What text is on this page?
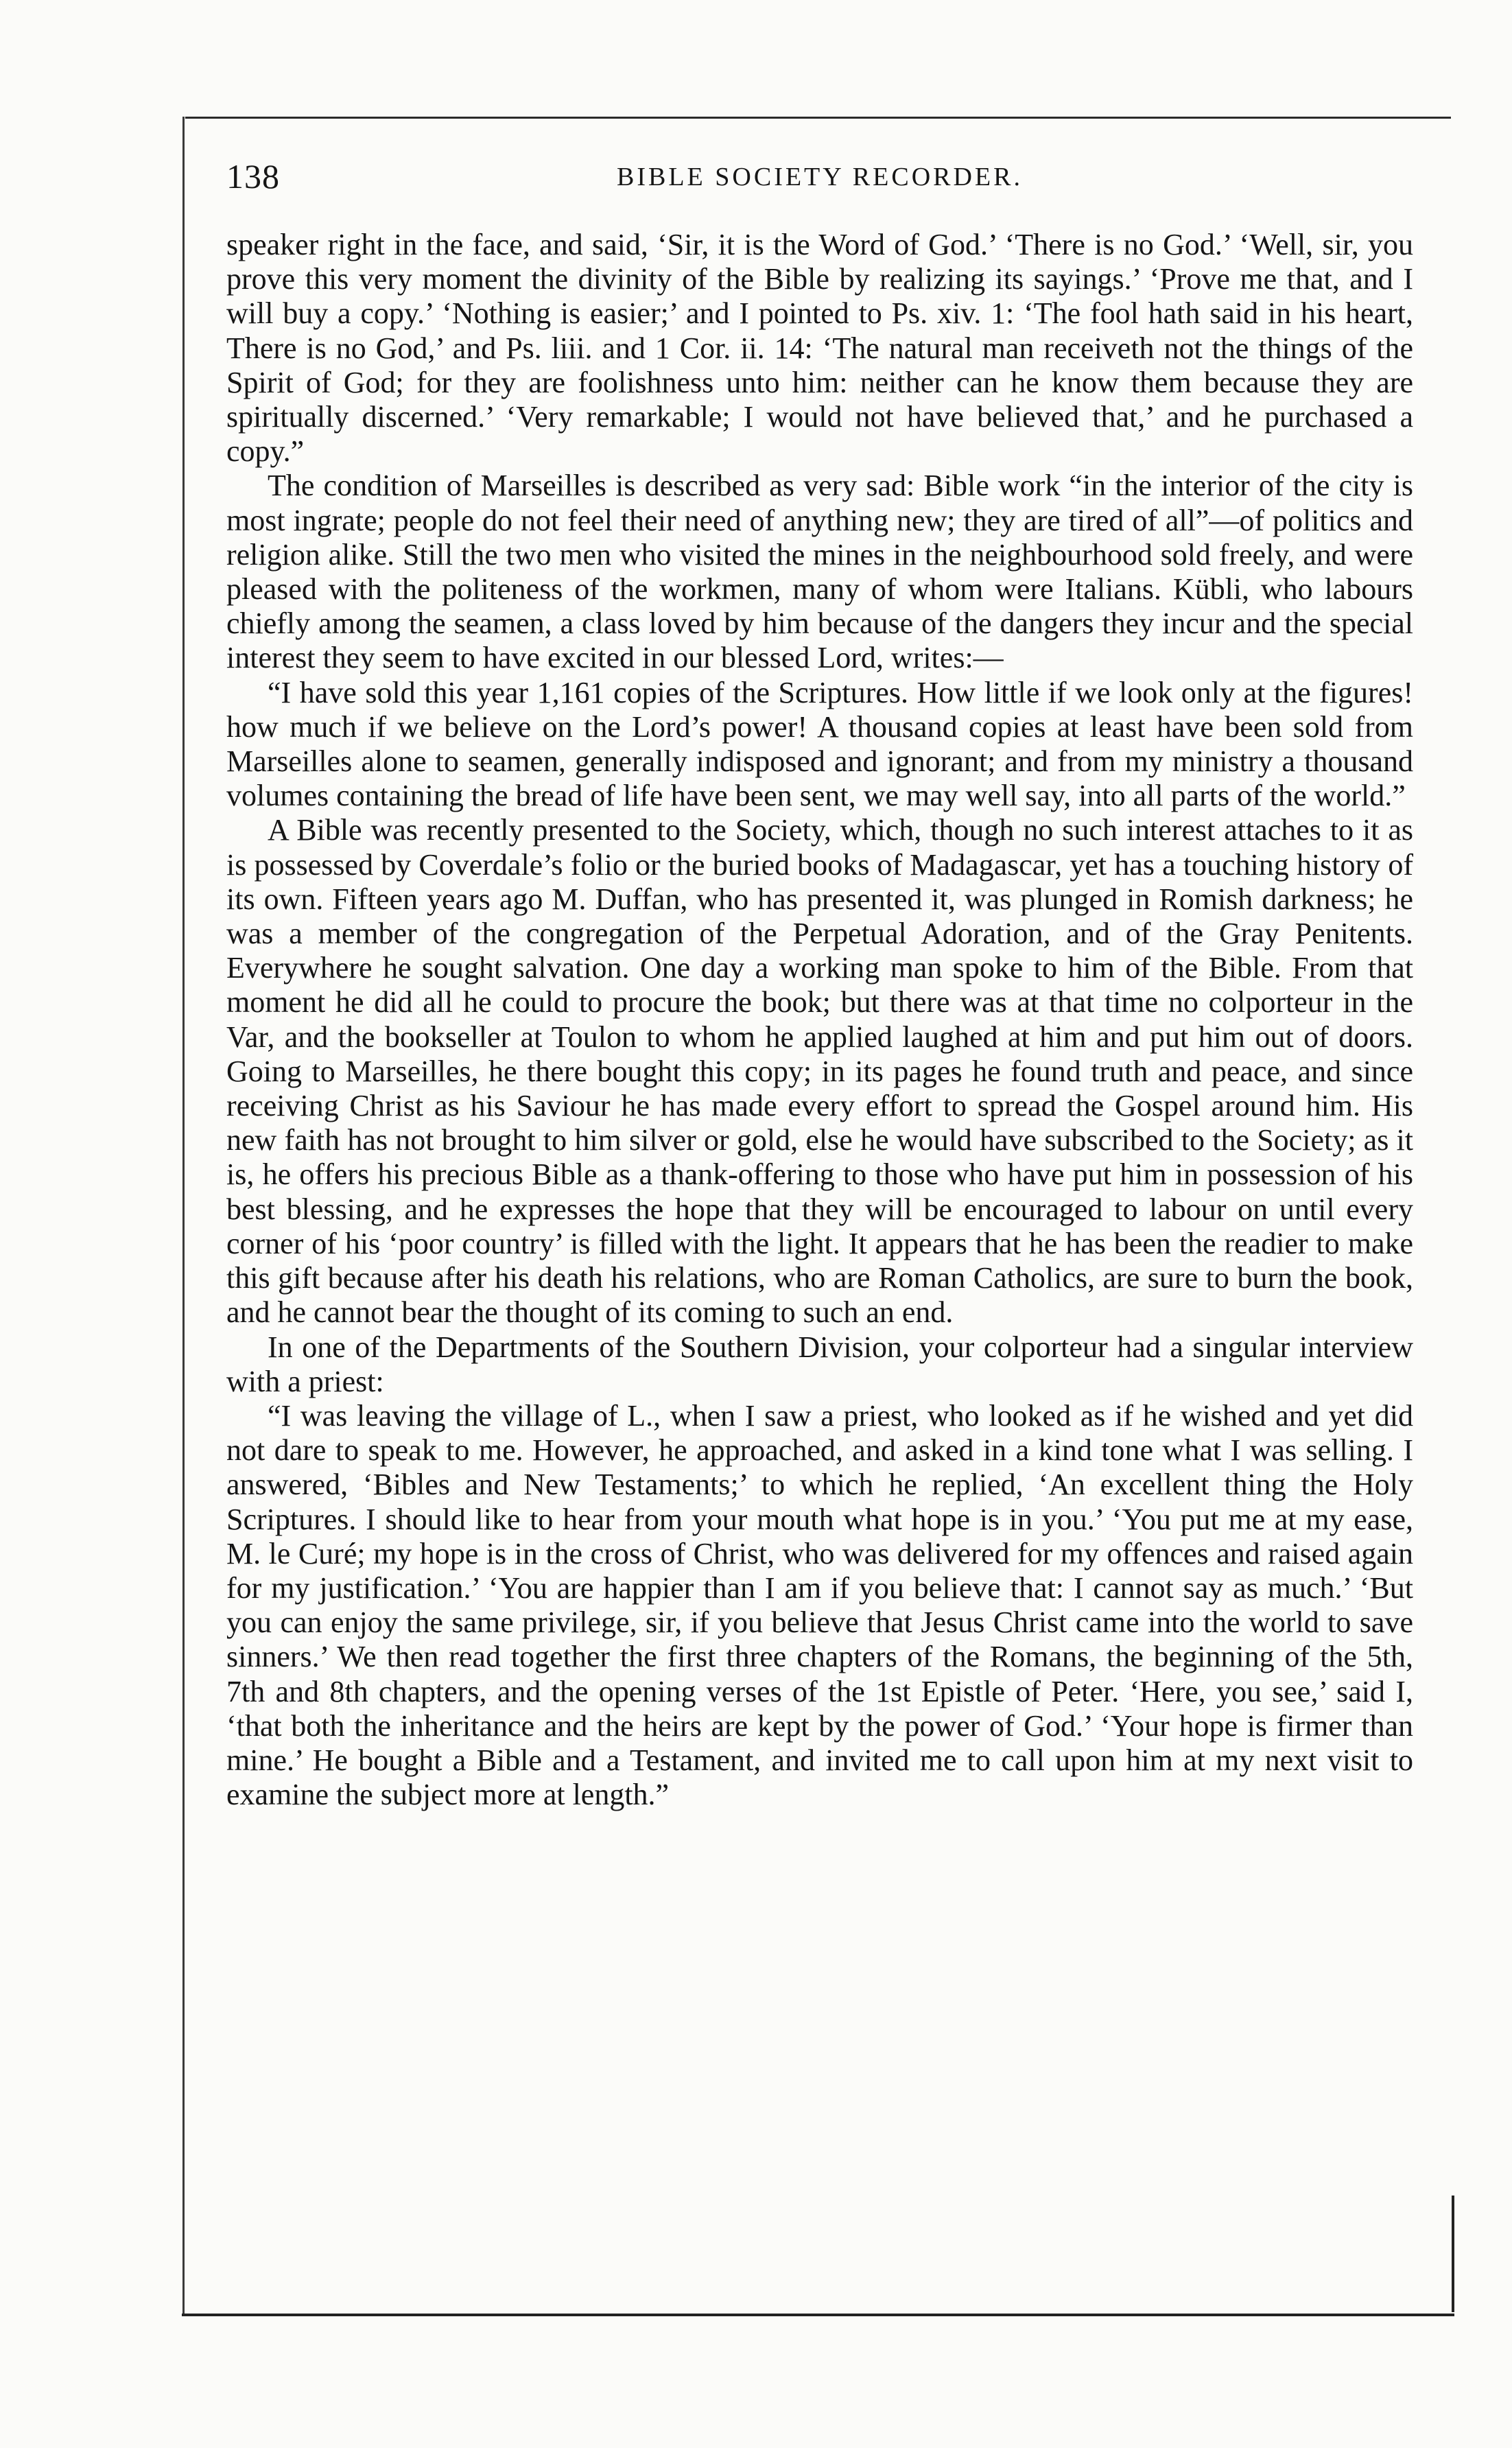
138	BIBLE SOCIETY RECORDER.

speaker right in the face, and said, ‘Sir, it is the Word of God.’ ‘There is no God.’ ‘Well, sir, you prove this very moment the divinity of the Bible by realizing its sayings.’ ‘Prove me that, and I will buy a copy.’ ‘Nothing is easier;’ and I pointed to Ps. xiv. 1: ‘The fool hath said in his heart, There is no God,’ and Ps. liii. and 1 Cor. ii. 14: ‘The natural man receiveth not the things of the Spirit of God; for they are foolishness unto him: neither can he know them because they are spiritually discerned.’ ‘Very remarkable; I would not have believed that,’ and he purchased a copy.”

The condition of Marseilles is described as very sad: Bible work “in the interior of the city is most ingrate; people do not feel their need of anything new; they are tired of all”—of politics and religion alike. Still the two men who visited the mines in the neighbourhood sold freely, and were pleased with the politeness of the workmen, many of whom were Italians. Kübli, who labours chiefly among the seamen, a class loved by him because of the dangers they incur and the special interest they seem to have excited in our blessed Lord, writes:—

“I have sold this year 1,161 copies of the Scriptures. How little if we look only at the figures! how much if we believe on the Lord’s power! A thousand copies at least have been sold from Marseilles alone to seamen, generally indisposed and ignorant; and from my ministry a thousand volumes containing the bread of life have been sent, we may well say, into all parts of the world.”

A Bible was recently presented to the Society, which, though no such interest attaches to it as is possessed by Coverdale’s folio or the buried books of Madagascar, yet has a touching history of its own. Fifteen years ago M. Duffan, who has presented it, was plunged in Romish darkness; he was a member of the congregation of the Perpetual Adoration, and of the Gray Penitents. Everywhere he sought salvation. One day a working man spoke to him of the Bible. From that moment he did all he could to procure the book; but there was at that time no colporteur in the Var, and the bookseller at Toulon to whom he applied laughed at him and put him out of doors. Going to Marseilles, he there bought this copy; in its pages he found truth and peace, and since receiving Christ as his Saviour he has made every effort to spread the Gospel around him. His new faith has not brought to him silver or gold, else he would have subscribed to the Society; as it is, he offers his precious Bible as a thank-offering to those who have put him in possession of his best blessing, and he expresses the hope that they will be encouraged to labour on until every corner of his ‘poor country’ is filled with the light. It appears that he has been the readier to make this gift because after his death his relations, who are Roman Catholics, are sure to burn the book, and he cannot bear the thought of its coming to such an end.

In one of the Departments of the Southern Division, your colporteur had a singular interview with a priest:

“I was leaving the village of L., when I saw a priest, who looked as if he wished and yet did not dare to speak to me. However, he approached, and asked in a kind tone what I was selling. I answered, ‘Bibles and New Testaments;’ to which he replied, ‘An excellent thing the Holy Scriptures. I should like to hear from your mouth what hope is in you.’ ‘You put me at my ease, M. le Curé; my hope is in the cross of Christ, who was delivered for my offences and raised again for my justification.’ ‘You are happier than I am if you believe that: I cannot say as much.’ ‘But you can enjoy the same privilege, sir, if you believe that Jesus Christ came into the world to save sinners.’ We then read together the first three chapters of the Romans, the beginning of the 5th, 7th and 8th chapters, and the opening verses of the 1st Epistle of Peter. ‘Here, you see,’ said I, ‘that both the inheritance and the heirs are kept by the power of God.’ ‘Your hope is firmer than mine.’ He bought a Bible and a Testament, and invited me to call upon him at my next visit to examine the subject more at length.”
